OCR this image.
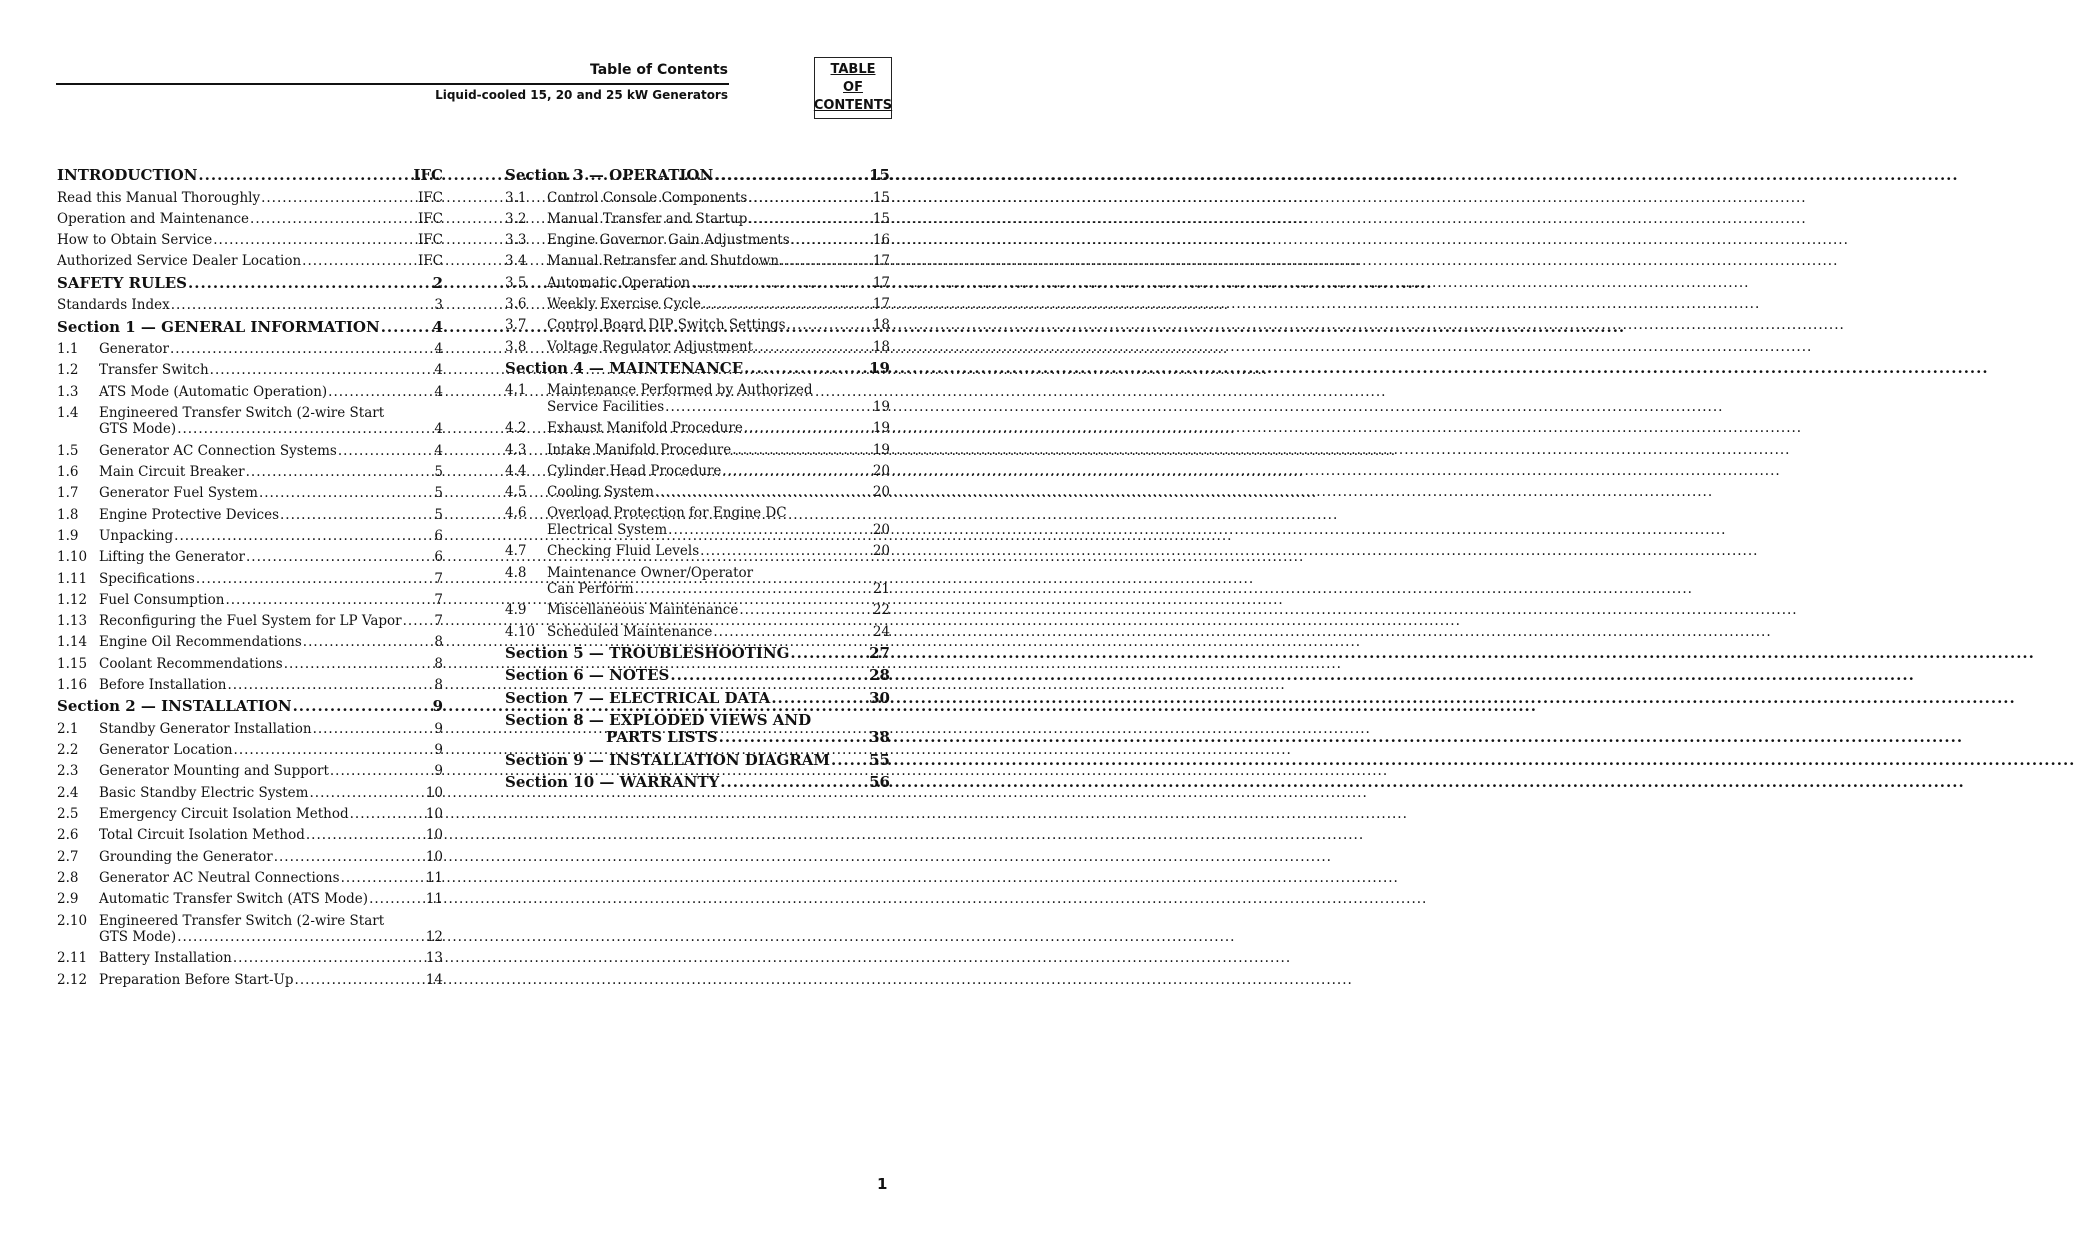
Table of Contents
Liquid-cooled 15, 20 and 25 kW Generators
TABLE
OF
CONTENTS
INTRODUCTION .....	IFC
Read this Manual Thoroughly .....	IFC
Operation and Maintenance .....	IFC
How to Obtain Service .....	IFC
Authorized Service Dealer Location .....	IFC
SAFETY RULES .....	2
Standards Index .....	3
Section 1 — GENERAL INFORMATION .....	4
1.1	Generator .....	4
1.2	Transfer Switch .....	4
1.3	ATS Mode (Automatic Operation) .....	4
1.4	Engineered Transfer Switch (2-wire Start
GTS Mode) .....	4
1.5	Generator AC Connection Systems .....	4
1.6	Main Circuit Breaker .....	5
1.7	Generator Fuel System .....	5
1.8	Engine Protective Devices .....	5
1.9	Unpacking .....	6
1.10 Lifting the Generator .....	6
1.11 Specifications .....	7
1.12 Fuel Consumption .....	7
1.13 Reconfiguring the Fuel System for LP Vapor ..... 7
1.14 Engine Oil Recommendations .....	8
1.15 Coolant Recommendations .....	8
1.16 Before Installation .....	8
Section 2 — INSTALLATION .....	9
2.1	Standby Generator Installation .....	9
2.2	Generator Location .....	9
2.3	Generator Mounting and Support .....	9
2.4	Basic Standby Electric System .....	10
2.5	Emergency Circuit Isolation Method .....	10
2.6	Total Circuit Isolation Method .....	10
2.7	Grounding the Generator .....	10
2.8	Generator AC Neutral Connections .....	11
2.9	Automatic Transfer Switch (ATS Mode) .....	11
2.10 Engineered Transfer Switch (2-wire Start
GTS Mode) .....	12
2.11 Battery Installation .....	13
2.12 Preparation Before Start-Up .....	14
Section 3 — OPERATION .....	15
3.1	Control Console Components .....	15
3.2	Manual Transfer and Startup .....	15
3.3	Engine Governor Gain Adjustments .....	16
3.4	Manual Retransfer and Shutdown .....	17
3.5	Automatic Operation .....	17
3.6	Weekly Exercise Cycle .....	17
3.7	Control Board DIP Switch Settings .....	18
3.8	Voltage Regulator Adjustment .....	18
Section 4 — MAINTENANCE .....	19
4.1	Maintenance Performed by Authorized
Service Facilities .....	19
4.2	Exhaust Manifold Procedure .....	19
4.3	Intake Manifold Procedure .....	19
4.4	Cylinder Head Procedure .....	20
4.5	Cooling System .....	20
4.6	Overload Protection for Engine DC
Electrical System .....	20
4.7	Checking Fluid Levels .....	20
4.8	Maintenance Owner/Operator
Can Perform .....	21
4.9	Miscellaneous Maintenance .....	22
4.10 Scheduled Maintenance .....	24
Section 5 — TROUBLESHOOTING .....	27
Section 6 — NOTES .....	28
Section 7 — ELECTRICAL DATA .....	30
Section 8 — EXPLODED VIEWS AND
PARTS LISTS .....	38
Section 9 — INSTALLATION DIAGRAM .....	55
Section 10 — WARRANTY .....	56
1
